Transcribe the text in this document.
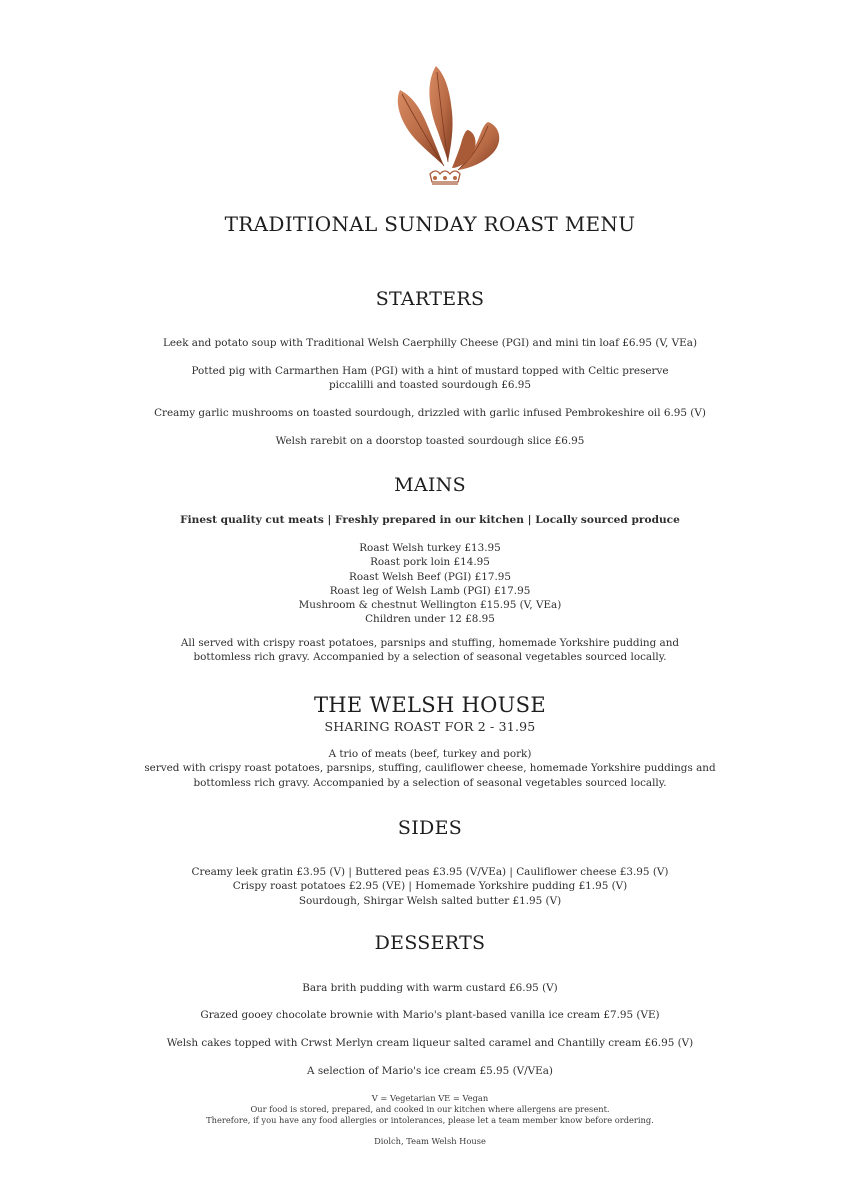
TRADITIONAL SUNDAY ROAST MENU
STARTERS
Leek and potato soup with Traditional Welsh Caerphilly Cheese (PGI) and mini tin loaf £6.95 (V, VEa)
Potted pig with Carmarthen Ham (PGI) with a hint of mustard topped with Celtic preserve piccalilli and toasted sourdough £6.95
Creamy garlic mushrooms on toasted sourdough, drizzled with garlic infused Pembrokeshire oil 6.95 (V)
Welsh rarebit on a doorstop toasted sourdough slice £6.95
MAINS
Finest quality cut meats | Freshly prepared in our kitchen | Locally sourced produce
Roast Welsh turkey £13.95
Roast pork loin £14.95
Roast Welsh Beef (PGI) £17.95
Roast leg of Welsh Lamb (PGI) £17.95
Mushroom & chestnut Wellington £15.95 (V, VEa)
Children under 12 £8.95
All served with crispy roast potatoes, parsnips and stuffing, homemade Yorkshire pudding and bottomless rich gravy. Accompanied by a selection of seasonal vegetables sourced locally.
THE WELSH HOUSE
SHARING ROAST FOR 2 - 31.95
A trio of meats (beef, turkey and pork)
served with crispy roast potatoes, parsnips, stuffing, cauliflower cheese, homemade Yorkshire puddings and
bottomless rich gravy. Accompanied by a selection of seasonal vegetables sourced locally.
SIDES
Creamy leek gratin £3.95 (V) | Buttered peas £3.95 (V/VEa) | Cauliflower cheese £3.95 (V)
Crispy roast potatoes £2.95 (VE) | Homemade Yorkshire pudding £1.95 (V)
Sourdough, Shirgar Welsh salted butter £1.95 (V)
DESSERTS
Bara brith pudding with warm custard £6.95 (V)
Grazed gooey chocolate brownie with Mario's plant-based vanilla ice cream £7.95 (VE)
Welsh cakes topped with Crwst Merlyn cream liqueur salted caramel and Chantilly cream £6.95 (V)
A selection of Mario's ice cream £5.95 (V/VEa)
V = Vegetarian VE = Vegan
Our food is stored, prepared, and cooked in our kitchen where allergens are present.
Therefore, if you have any food allergies or intolerances, please let a team member know before ordering.
Diolch, Team Welsh House
